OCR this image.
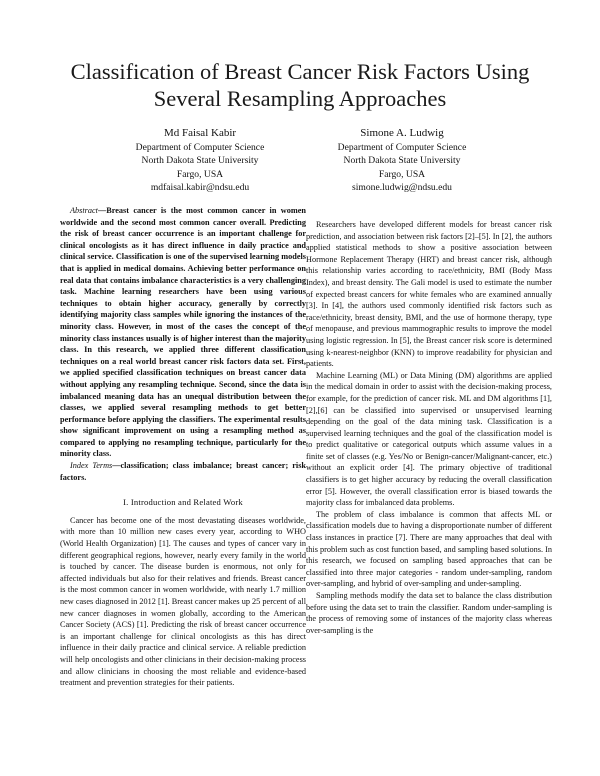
Classification of Breast Cancer Risk Factors Using Several Resampling Approaches
Md Faisal Kabir
Department of Computer Science
North Dakota State University
Fargo, USA
mdfaisal.kabir@ndsu.edu
Simone A. Ludwig
Department of Computer Science
North Dakota State University
Fargo, USA
simone.ludwig@ndsu.edu

Abstract—Breast cancer is the most common cancer in women worldwide and the second most common cancer overall. Predicting the risk of breast cancer occurrence is an important challenge for clinical oncologists as it has direct influence in daily practice and clinical service. Classification is one of the supervised learning models that is applied in medical domains. Achieving better performance on real data that contains imbalance characteristics is a very challenging task. Machine learning researchers have been using various techniques to obtain higher accuracy, generally by correctly identifying majority class samples while ignoring the instances of the minority class. However, in most of the cases the concept of the minority class instances usually is of higher interest than the majority class. In this research, we applied three different classification techniques on a real world breast cancer risk factors data set. First, we applied specified classification techniques on breast cancer data without applying any resampling technique. Second, since the data is imbalanced meaning data has an unequal distribution between the classes, we applied several resampling methods to get better performance before applying the classifiers. The experimental results show significant improvement on using a resampling method as compared to applying no resampling technique, particularly for the minority class.

Index Terms—classification; class imbalance; breast cancer; risk factors.

I. Introduction and Related Work

Cancer has become one of the most devastating diseases worldwide, with more than 10 million new cases every year, according to WHO (World Health Organization) [1]. The causes and types of cancer vary in different geographical regions, however, nearly every family in the world is touched by cancer. The disease burden is enormous, not only for affected individuals but also for their relatives and friends. Breast cancer is the most common cancer in women worldwide, with nearly 1.7 million new cases diagnosed in 2012 [1]. Breast cancer makes up 25 percent of all new cancer diagnoses in women globally, according to the American Cancer Society (ACS) [1]. Predicting the risk of breast cancer occurrence is an important challenge for clinical oncologists as this has direct influence in their daily practice and clinical service. A reliable prediction will help oncologists and other clinicians in their decision-making process and allow clinicians in choosing the most reliable and evidence-based treatment and prevention strategies for their patients.

Researchers have developed different models for breast cancer risk prediction, and association between risk factors [2]–[5]. In [2], the authors applied statistical methods to show a positive association between Hormone Replacement Therapy (HRT) and breast cancer risk, although this relationship varies according to race/ethnicity, BMI (Body Mass Index), and breast density. The Gali model is used to estimate the number of expected breast cancers for white females who are examined annually [3]. In [4], the authors used commonly identified risk factors such as race/ethnicity, breast density, BMI, and the use of hormone therapy, type of menopause, and previous mammographic results to improve the model using logistic regression. In [5], the Breast cancer risk score is determined using k-nearest-neighbor (KNN) to improve readability for physician and patients.

Machine Learning (ML) or Data Mining (DM) algorithms are applied in the medical domain in order to assist with the decision-making process, for example, for the prediction of cancer risk. ML and DM algorithms [1],[2],[6] can be classified into supervised or unsupervised learning depending on the goal of the data mining task. Classification is a supervised learning techniques and the goal of the classification model is to predict qualitative or categorical outputs which assume values in a finite set of classes (e.g. Yes/No or Benign-cancer/Malignant-cancer, etc.) without an explicit order [4]. The primary objective of traditional classifiers is to get higher accuracy by reducing the overall classification error [5]. However, the overall classification error is biased towards the majority class for imbalanced data problems.

The problem of class imbalance is common that affects ML or classification models due to having a disproportionate number of different class instances in practice [7]. There are many approaches that deal with this problem such as cost function based, and sampling based solutions. In this research, we focused on sampling based approaches that can be classified into three major categories - random under-sampling, random over-sampling, and hybrid of over-sampling and under-sampling.

Sampling methods modify the data set to balance the class distribution before using the data set to train the classifier. Random under-sampling is the process of removing some of instances of the majority class whereas over-sampling is the
